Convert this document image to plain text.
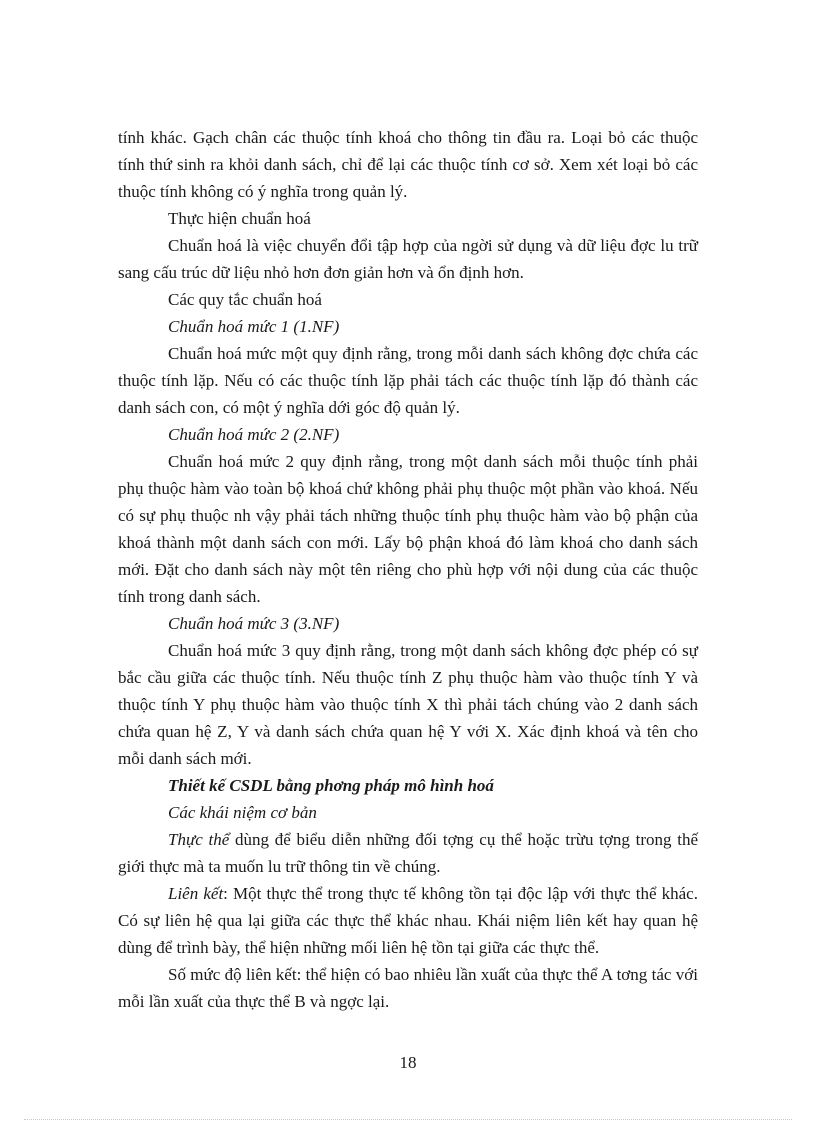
tính khác. Gạch chân các thuộc tính khoá cho thông tin đầu ra. Loại bỏ các thuộc tính thứ sinh ra khỏi danh sách, chỉ để lại các thuộc tính cơ sở. Xem xét loại bỏ các thuộc tính không có ý nghĩa trong quản lý.

Thực hiện chuẩn hoá

Chuẩn hoá là việc chuyển đổi tập hợp của ngời sử dụng và dữ liệu đợc lu trữ sang cấu trúc dữ liệu nhỏ hơn đơn giản hơn và ổn định hơn.

Các quy tắc chuẩn hoá

Chuẩn hoá mức 1 (1.NF)

Chuẩn hoá mức một quy định rằng, trong mỗi danh sách không đợc chứa các thuộc tính lặp. Nếu có các thuộc tính lặp phải tách các thuộc tính lặp đó thành các danh sách con, có một ý nghĩa dới góc độ quản lý.

Chuẩn hoá mức 2 (2.NF)

Chuẩn hoá mức 2 quy định rằng, trong một danh sách mỗi thuộc tính phải phụ thuộc hàm vào toàn bộ khoá chứ không phải phụ thuộc một phần vào khoá. Nếu có sự phụ thuộc nh vậy phải tách những thuộc tính phụ thuộc hàm vào bộ phận của khoá thành một danh sách con mới. Lấy bộ phận khoá đó làm khoá cho danh sách mới. Đặt cho danh sách này một tên riêng cho phù hợp với nội dung của các thuộc tính trong danh sách.

Chuẩn hoá mức 3 (3.NF)

Chuẩn hoá mức 3 quy định rằng, trong một danh sách không đợc phép có sự bắc cầu giữa các thuộc tính. Nếu thuộc tính Z phụ thuộc hàm vào thuộc tính Y và thuộc tính Y phụ thuộc hàm vào thuộc tính X thì phải tách chúng vào 2 danh sách chứa quan hệ Z, Y và danh sách chứa quan hệ Y với X. Xác định khoá và tên cho mỗi danh sách mới.

Thiết kế CSDL bằng phơng pháp mô hình hoá

Các khái niệm cơ bản

Thực thể dùng để biểu diễn những đối tợng cụ thể hoặc trừu tợng trong thế giới thực mà ta muốn lu trữ thông tin về chúng.

Liên kết: Một thực thể trong thực tế không tồn tại độc lập với thực thể khác. Có sự liên hệ qua lại giữa các thực thể khác nhau. Khái niệm liên kết hay quan hệ dùng để trình bày, thể hiện những mối liên hệ tồn tại giữa các thực thể.

Số mức độ liên kết: thể hiện có bao nhiêu lần xuất của thực thể A tơng tác với mỗi lần xuất của thực thể B và ngợc lại.

18
